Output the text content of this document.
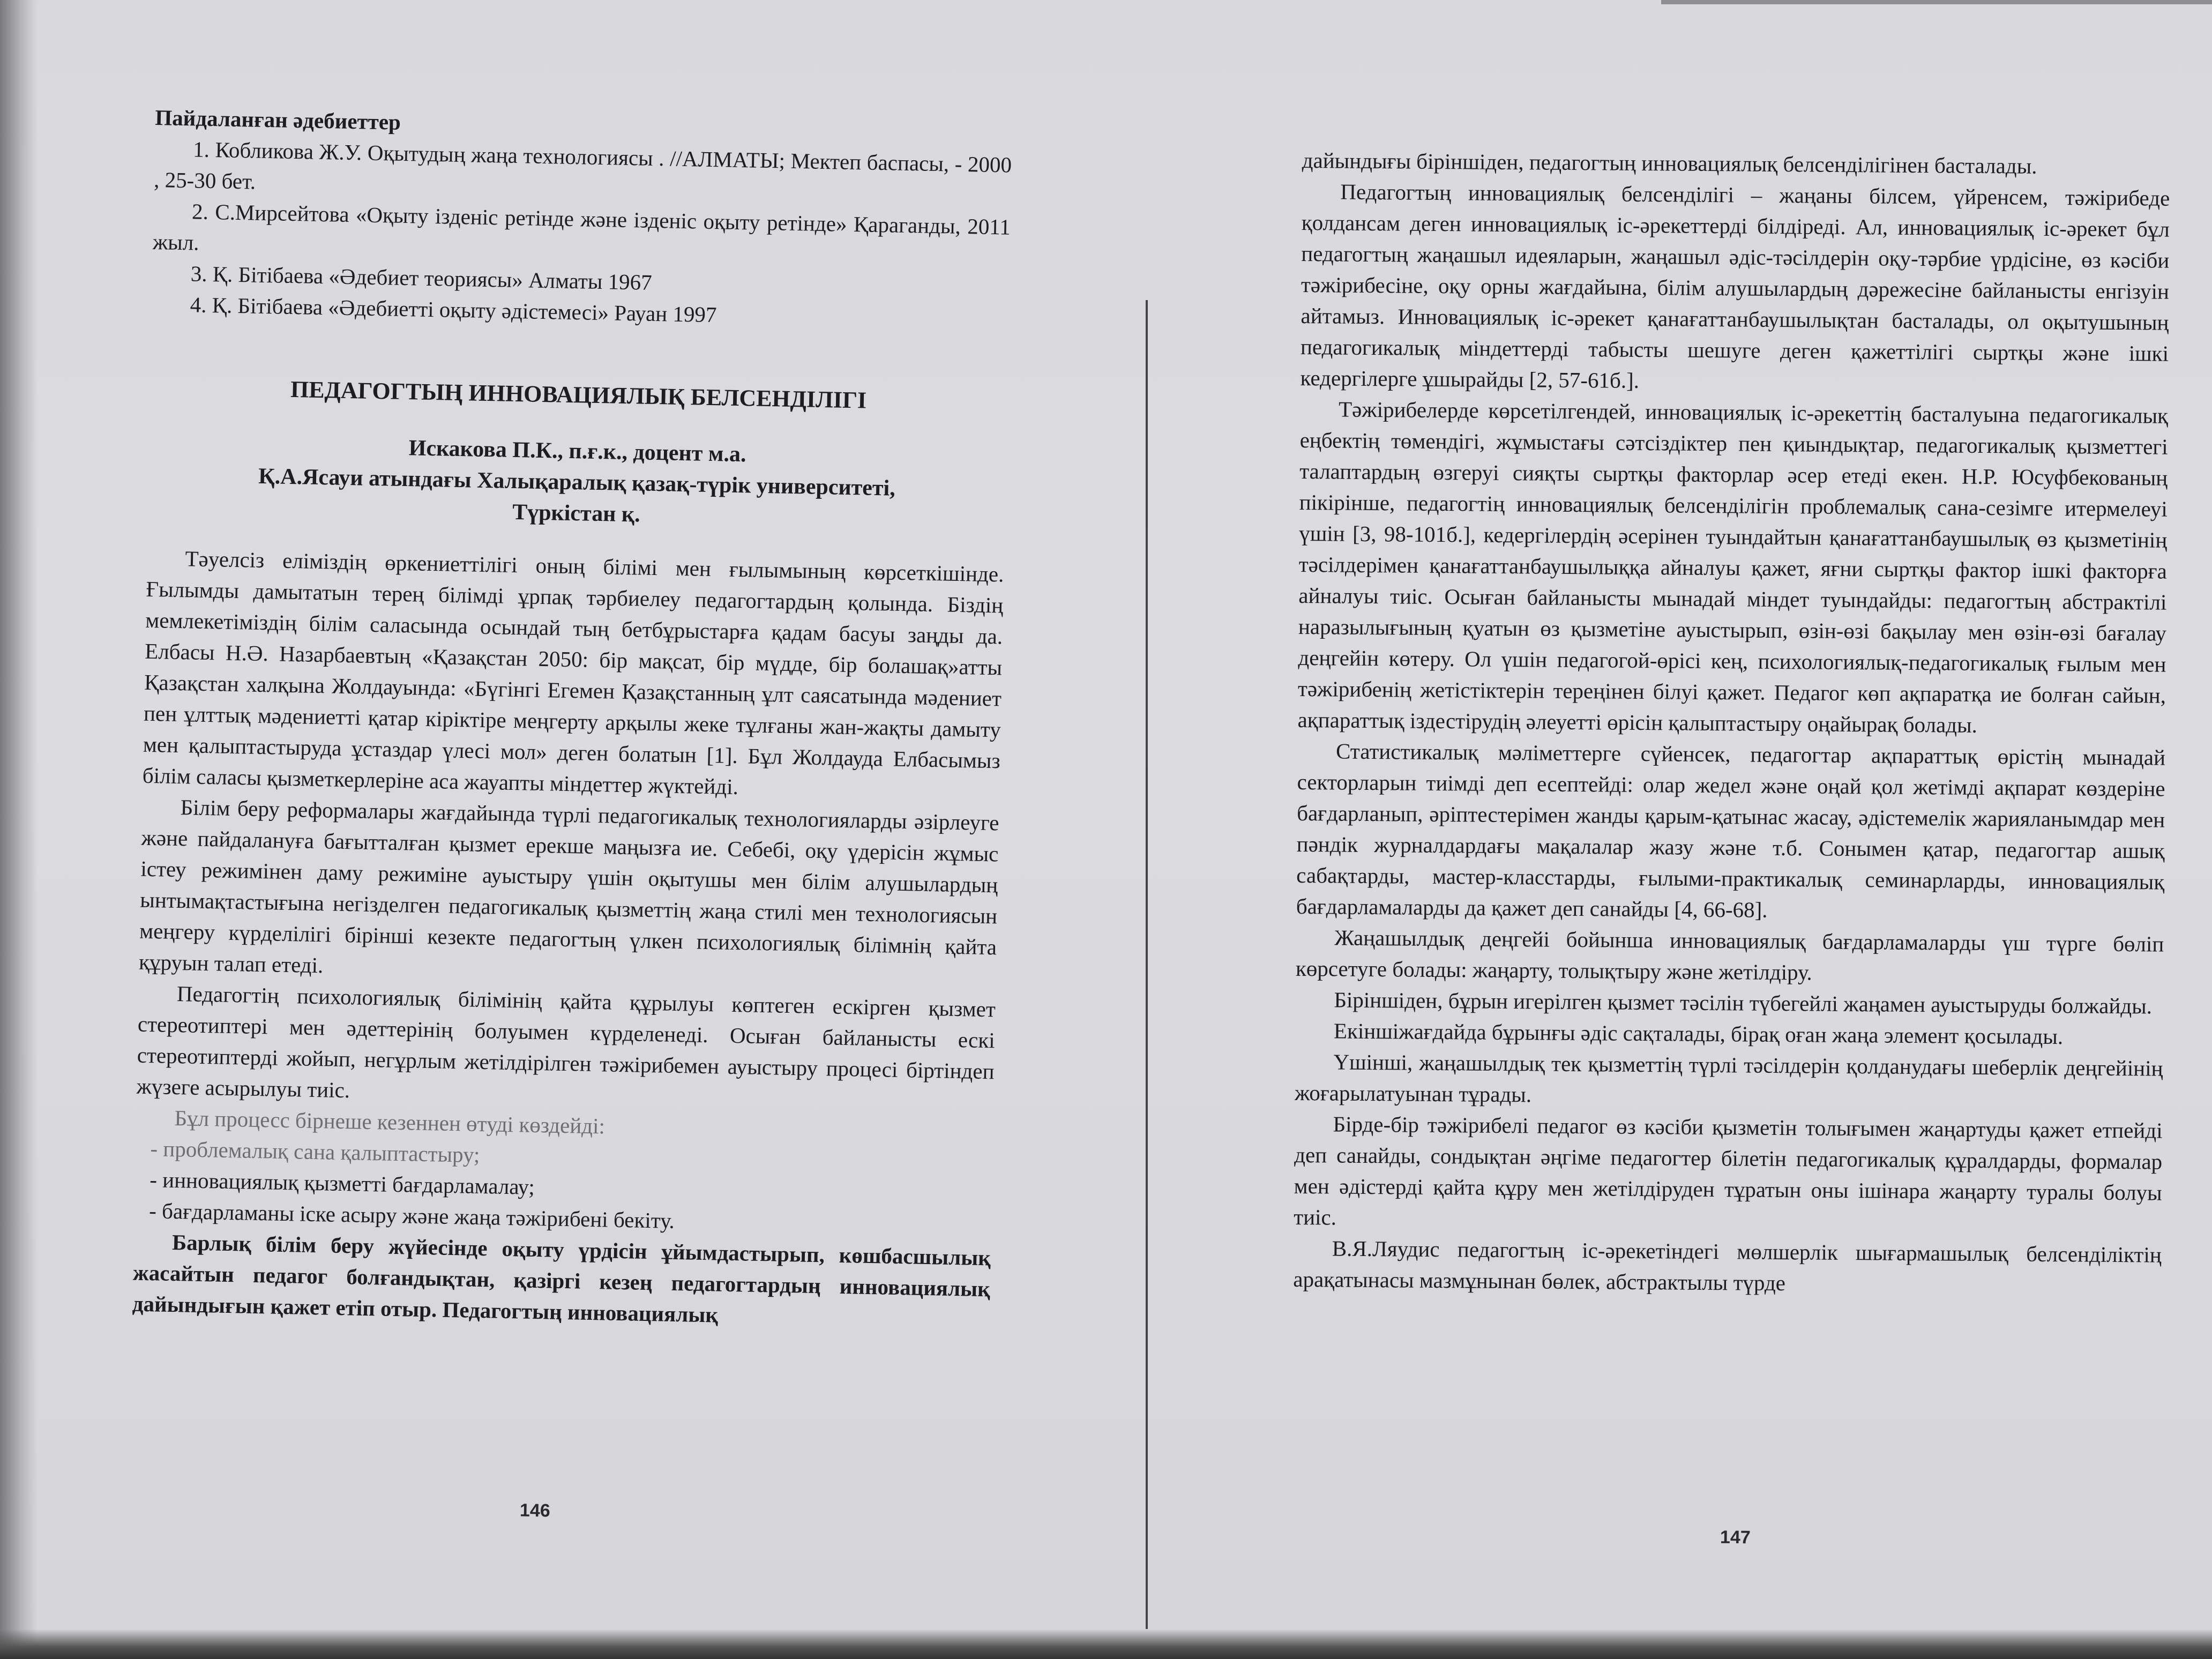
Пайдаланған әдебиеттер

1. Кобликова Ж.У. Оқытудың жаңа технологиясы . //АЛМАТЫ; Мектеп баспасы, - 2000 , 25-30 бет.

2. С.Мирсейтова «Оқыту ізденіс ретінде және ізденіс оқыту ретінде» Қараганды, 2011 жыл.

3. Қ. Бітібаева «Әдебиет теориясы» Алматы 1967

4. Қ. Бітібаева «Әдебиетті оқыту әдістемесі» Рауан 1997

ПЕДАГОГТЫҢ ИННОВАЦИЯЛЫҚ БЕЛСЕНДІЛІГІ

Искакова П.К., п.ғ.к., доцент м.а.

Қ.А.Ясауи атындағы Халықаралық қазақ-түрік университеті,

Түркістан қ.

Тәуелсіз еліміздің өркениеттілігі оның білімі мен ғылымының көрсеткішінде. Ғылымды дамытатын терең білімді ұрпақ тәрбиелеу педагогтардың қолында. Біздің мемлекетіміздің білім саласында осындай тың бетбұрыстарға қадам басуы заңды да. Елбасы Н.Ә. Назарбаевтың «Қазақстан 2050: бір мақсат, бір мүдде, бір болашақ»атты Қазақстан халқына Жолдауында: «Бүгінгі Егемен Қазақстанның ұлт саясатында мәдениет пен ұлттық мәдениетті қатар кіріктіре меңгерту арқылы жеке тұлғаны жан-жақты дамыту мен қалыптастыруда ұстаздар үлесі мол» деген болатын [1]. Бұл Жолдауда Елбасымыз білім саласы қызметкерлеріне аса жауапты міндеттер жүктейді.

Білім беру реформалары жағдайында түрлі педагогикалық технологияларды әзірлеуге және пайдалануға бағытталған қызмет ерекше маңызға ие. Себебі, оқу үдерісін жұмыс істеу режимінен даму режиміне ауыстыру үшін оқытушы мен білім алушылардың ынтымақтастығына негізделген педагогикалық қызметтің жаңа стилі мен технологиясын меңгеру күрделілігі бірінші кезекте педагогтың үлкен психологиялық білімнің қайта құруын талап етеді.

Педагогтің психологиялық білімінің қайта құрылуы көптеген ескірген қызмет стереотиптері мен әдеттерінің болуымен күрделенеді. Осыған байланысты ескі стереотиптерді жойып, негұрлым жетілдірілген тәжірибемен ауыстыру процесі біртіндеп жүзеге асырылуы тиіс.

Бұл процесс бірнеше кезеннен өтуді көздейді:

- проблемалық сана қалыптастыру;

- инновациялық қызметті бағдарламалау;

- бағдарламаны іске асыру және жаңа тәжірибені бекіту.

Барлық білім беру жүйесінде оқыту үрдісін ұйымдастырып, көшбасшылық жасайтын педагог болғандықтан, қазіргі кезең педагогтардың инновациялық дайындығын қажет етіп отыр. Педагогтың инновациялық

146

дайындығы біріншіден, педагогтың инновациялық белсенділігінен басталады.

Педагогтың инновациялық белсенділігі – жаңаны білсем, үйренсем, тәжірибеде қолдансам деген инновациялық іс-әрекеттерді білдіреді. Ал, инновациялық іс-әрекет бұл педагогтың жаңашыл идеяларын, жаңашыл әдіс-тәсілдерін оқу-тәрбие үрдісіне, өз кәсіби тәжірибесіне, оқу орны жағдайына, білім алушылардың дәрежесіне байланысты енгізуін айтамыз. Инновациялық іс-әрекет қанағаттанбаушылықтан басталады, ол оқытушының педагогикалық міндеттерді табысты шешуге деген қажеттілігі сыртқы және ішкі кедергілерге ұшырайды [2, 57-61б.].

Тәжірибелерде көрсетілгендей, инновациялық іс-әрекеттің басталуына педагогикалық еңбектің төмендігі, жұмыстағы сәтсіздіктер пен қиындықтар, педагогикалық қызметтегі талаптардың өзгеруі сияқты сыртқы факторлар әсер етеді екен. Н.Р. Юсуфбекованың пікірінше, педагогтің инновациялық белсенділігін проблемалық сана-сезімге итермелеуі үшін [3, 98-101б.], кедергілердің әсерінен туындайтын қанағаттанбаушылық өз қызметінің тәсілдерімен қанағаттанбаушылыққа айналуы қажет, яғни сыртқы фактор ішкі факторға айналуы тиіс. Осыған байланысты мынадай міндет туындайды: педагогтың абстрактілі наразылығының қуатын өз қызметіне ауыстырып, өзін-өзі бақылау мен өзін-өзі бағалау деңгейін көтеру. Ол үшін педагогой-өрісі кең, психологиялық-педагогикалық ғылым мен тәжірибенің жетістіктерін тереңінен білуі қажет. Педагог көп ақпаратқа ие болған сайын, ақпараттық іздестірудің әлеуетті өрісін қалыптастыру оңайырақ болады.

Статистикалық мәліметтерге сүйенсек, педагогтар ақпараттық өрістің мынадай секторларын тиімді деп есептейді: олар жедел және оңай қол жетімді ақпарат көздеріне бағдарланып, әріптестерімен жанды қарым-қатынас жасау, әдістемелік жарияланымдар мен пәндік журналдардағы мақалалар жазу және т.б. Сонымен қатар, педагогтар ашық сабақтарды, мастер-класстарды, ғылыми-практикалық семинарларды, инновациялық бағдарламаларды да қажет деп санайды [4, 66-68].

Жаңашылдық деңгейі бойынша инновациялық бағдарламаларды үш түрге бөліп көрсетуге болады: жаңарту, толықтыру және жетілдіру.

Біріншіден, бұрын игерілген қызмет тәсілін түбегейлі жаңамен ауыстыруды болжайды.

Екіншіжағдайда бұрынғы әдіс сақталады, бірақ оған жаңа элемент қосылады.

Үшінші, жаңашылдық тек қызметтің түрлі тәсілдерін қолданудағы шеберлік деңгейінің жоғарылатуынан тұрады.

Бірде-бір тәжірибелі педагог өз кәсіби қызметін толығымен жаңартуды қажет етпейді деп санайды, сондықтан әңгіме педагогтер білетін педагогикалық құралдарды, формалар мен әдістерді қайта құру мен жетілдіруден тұратын оны ішінара жаңарту туралы болуы тиіс.

В.Я.Ляудис педагогтың іс-әрекетіндегі мөлшерлік шығармашылық белсенділіктің арақатынасы мазмұнынан бөлек, абстрактылы түрде

147
